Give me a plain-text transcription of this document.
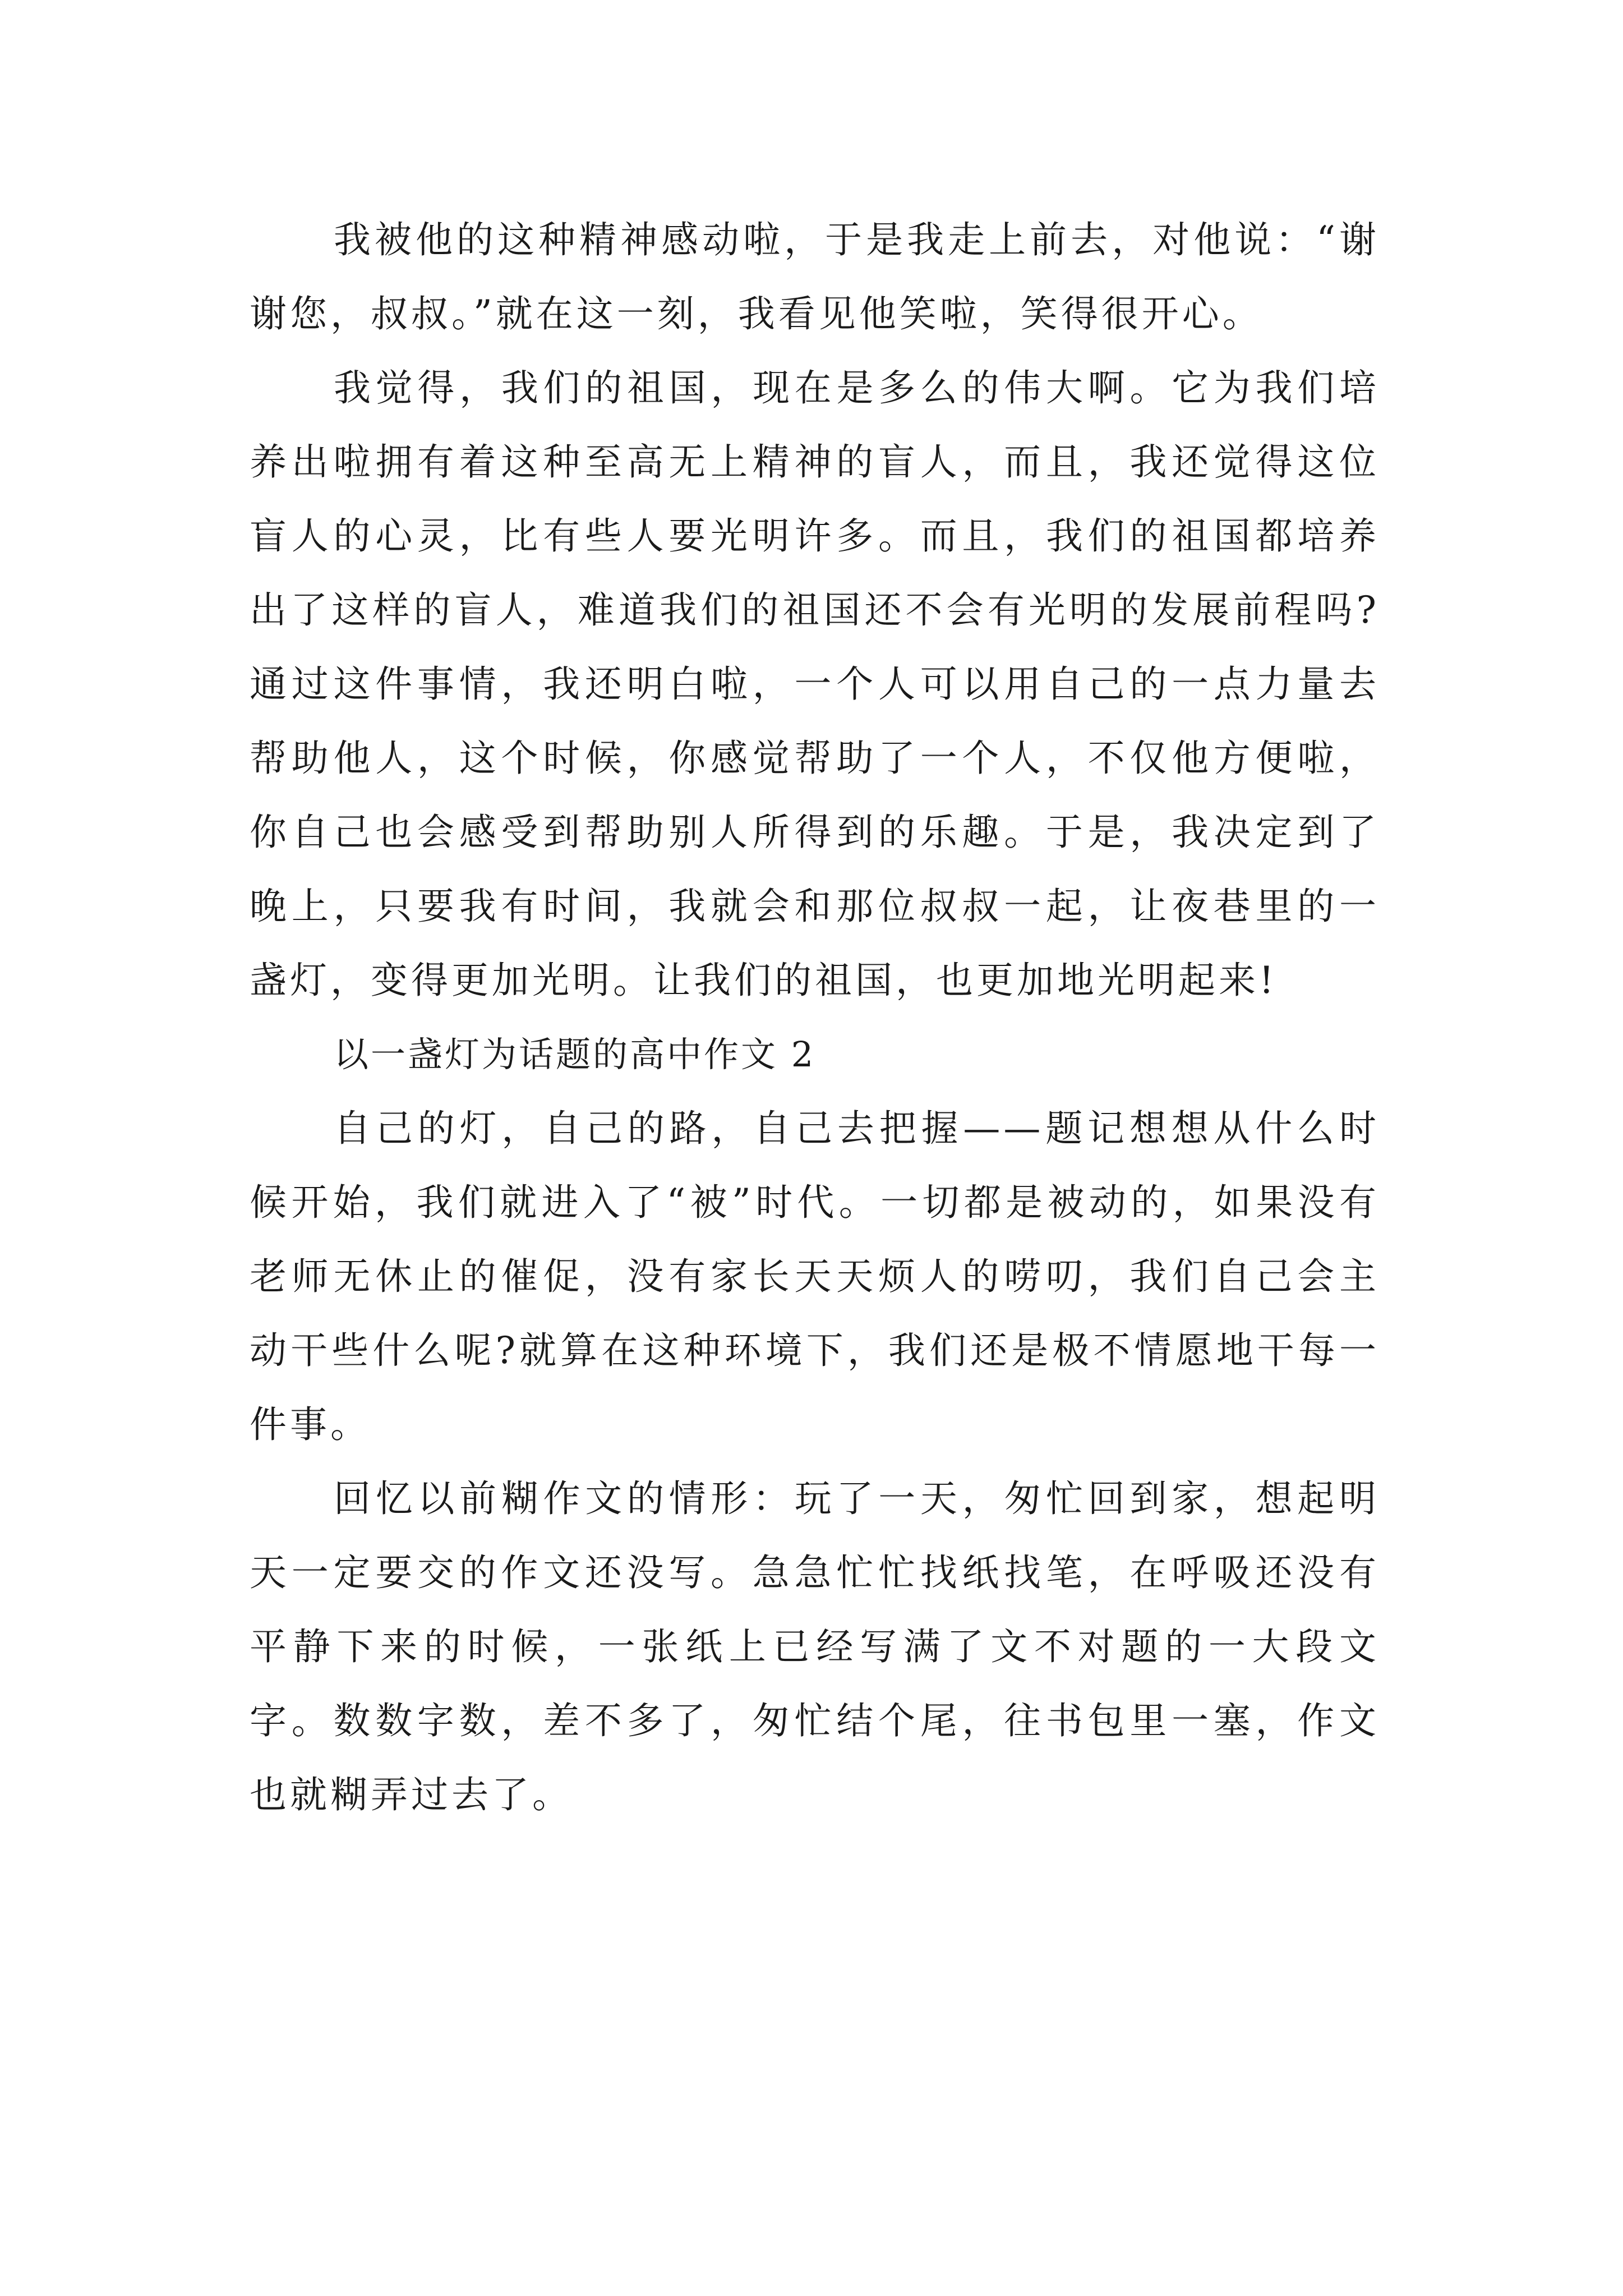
我被他的这种精神感动啦，于是我走上前去，对他说：“谢谢您，叔叔。”就在这一刻，我看见他笑啦，笑得很开心。

我觉得，我们的祖国，现在是多么的伟大啊。它为我们培养出啦拥有着这种至高无上精神的盲人，而且，我还觉得这位盲人的心灵，比有些人要光明许多。而且，我们的祖国都培养出了这样的盲人，难道我们的祖国还不会有光明的发展前程吗?通过这件事情，我还明白啦，一个人可以用自己的一点力量去帮助他人，这个时候，你感觉帮助了一个人，不仅他方便啦，你自己也会感受到帮助别人所得到的乐趣。于是，我决定到了晚上，只要我有时间，我就会和那位叔叔一起，让夜巷里的一盏灯，变得更加光明。让我们的祖国，也更加地光明起来!

以一盏灯为话题的高中作文 2

自己的灯，自己的路，自己去把握——题记想想从什么时候开始，我们就进入了“被”时代。一切都是被动的，如果没有老师无休止的催促，没有家长天天烦人的唠叨，我们自己会主动干些什么呢?就算在这种环境下，我们还是极不情愿地干每一件事。

回忆以前糊作文的情形：玩了一天，匆忙回到家，想起明天一定要交的作文还没写。急急忙忙找纸找笔，在呼吸还没有平静下来的时候，一张纸上已经写满了文不对题的一大段文字。数数字数，差不多了，匆忙结个尾，往书包里一塞，作文也就糊弄过去了。
